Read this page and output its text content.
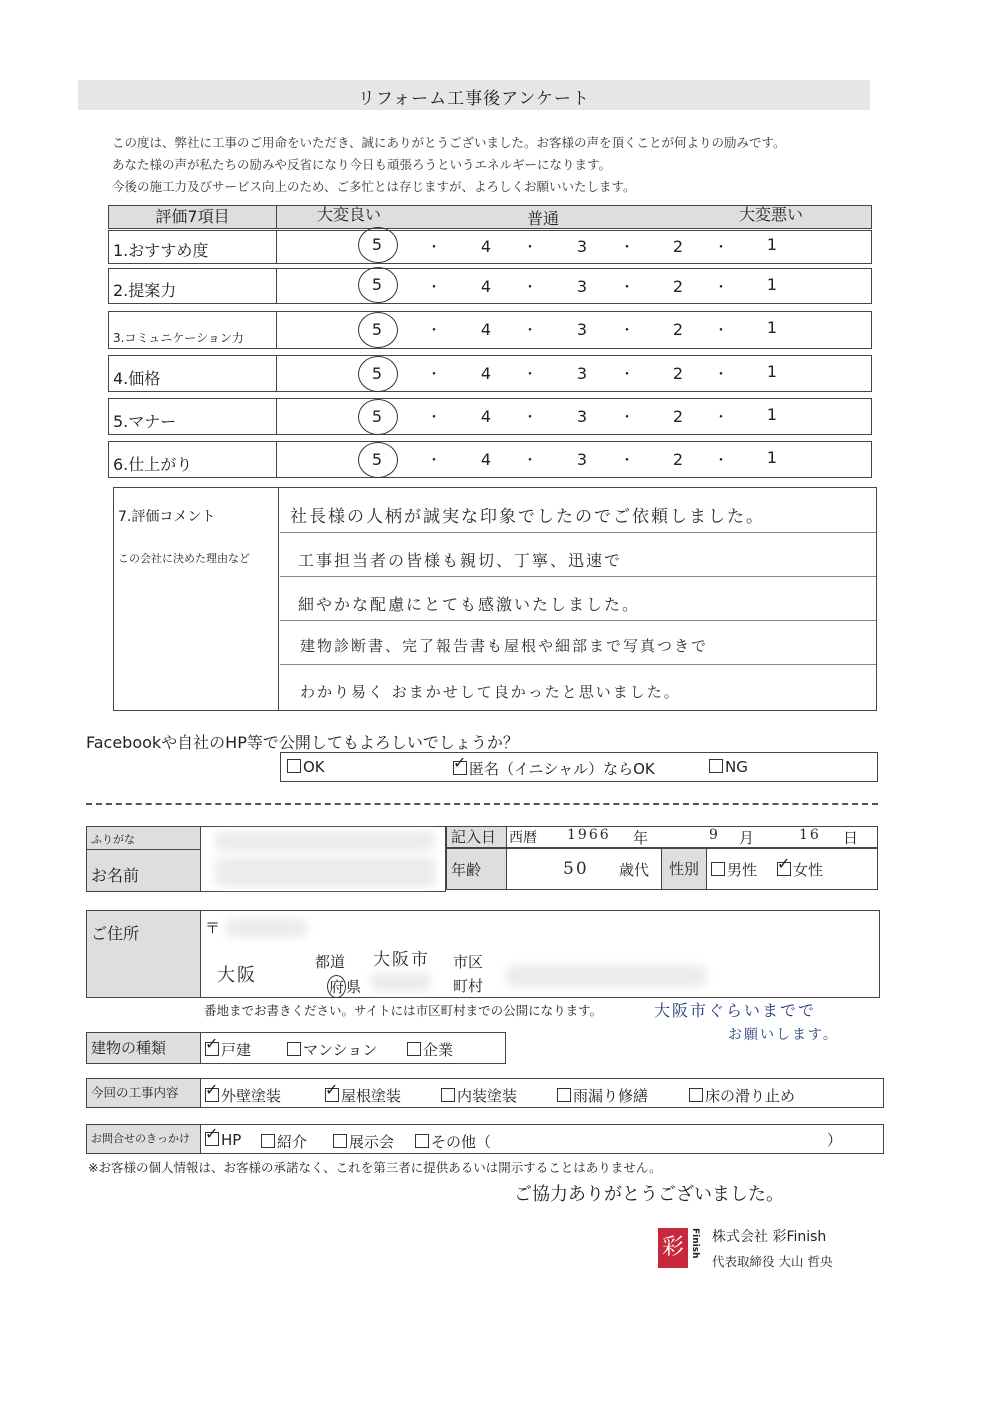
リフォーム工事後アンケート
この度は、弊社に工事のご用命をいただき、誠にありがとうございました。お客様の声を頂くことが何よりの励みです。
あなた様の声が私たちの励みや反省になり今日も頑張ろうというエネルギーになります。
今後の施工力及びサービス向上のため、ご多忙とは存じますが、よろしくお願いいたします。
評価7項目	大変良い	普通	大変悪い
1.おすすめ度	5	・	4	・	3	・	2	・	1
2.提案力	5	・	4	・	3	・	2	・	1
3.コミュニケーション力	5	・	4	・	3	・	2	・	1
4.価格	5	・	4	・	3	・	2	・	1
5.マナー	5	・	4	・	3	・	2	・	1
6.仕上がり	5	・	4	・	3	・	2	・	1
7.評価コメント
この会社に決めた理由など
社長様の人柄が誠実な印象でしたのでご依頼しました。
工事担当者の皆様も親切、丁寧、迅速で
細やかな配慮にとても感激いたしました。
建物診断書、完了報告書も屋根や細部まで写真つきで
わかり易く おまかせして良かったと思いました。
Facebookや自社のHP等で公開してもよろしいでしょうか？
OK ✓	匿名（イニシャル）ならOK	NG
ふりがな
お名前
記入日 西暦 1966 年	9 月	16 日
年齢	50 歳代	性別	男性 ✓	女性
ご住所	〒
大阪
都道
府 県
大阪市 市区
町村
番地までお書きください。サイトには市区町村までの公開になります。	大阪市ぐらいまでで
お願いします。
建物の種類 ✓	戸建	マンション	企業
今回の工事内容 ✓	外壁塗装 ✓	屋根塗装	内装塗装	雨漏り修繕	床の滑り止め
お問合せのきっかけ ✓	HP	紹介	展示会	その他（	）
※お客様の個人情報は、お客様の承諾なく、これを第三者に提供あるいは開示することはありません。
ご協力ありがとうございました。
彩 Finish 株式会社 彩Finish
代表取締役 大山 哲央
